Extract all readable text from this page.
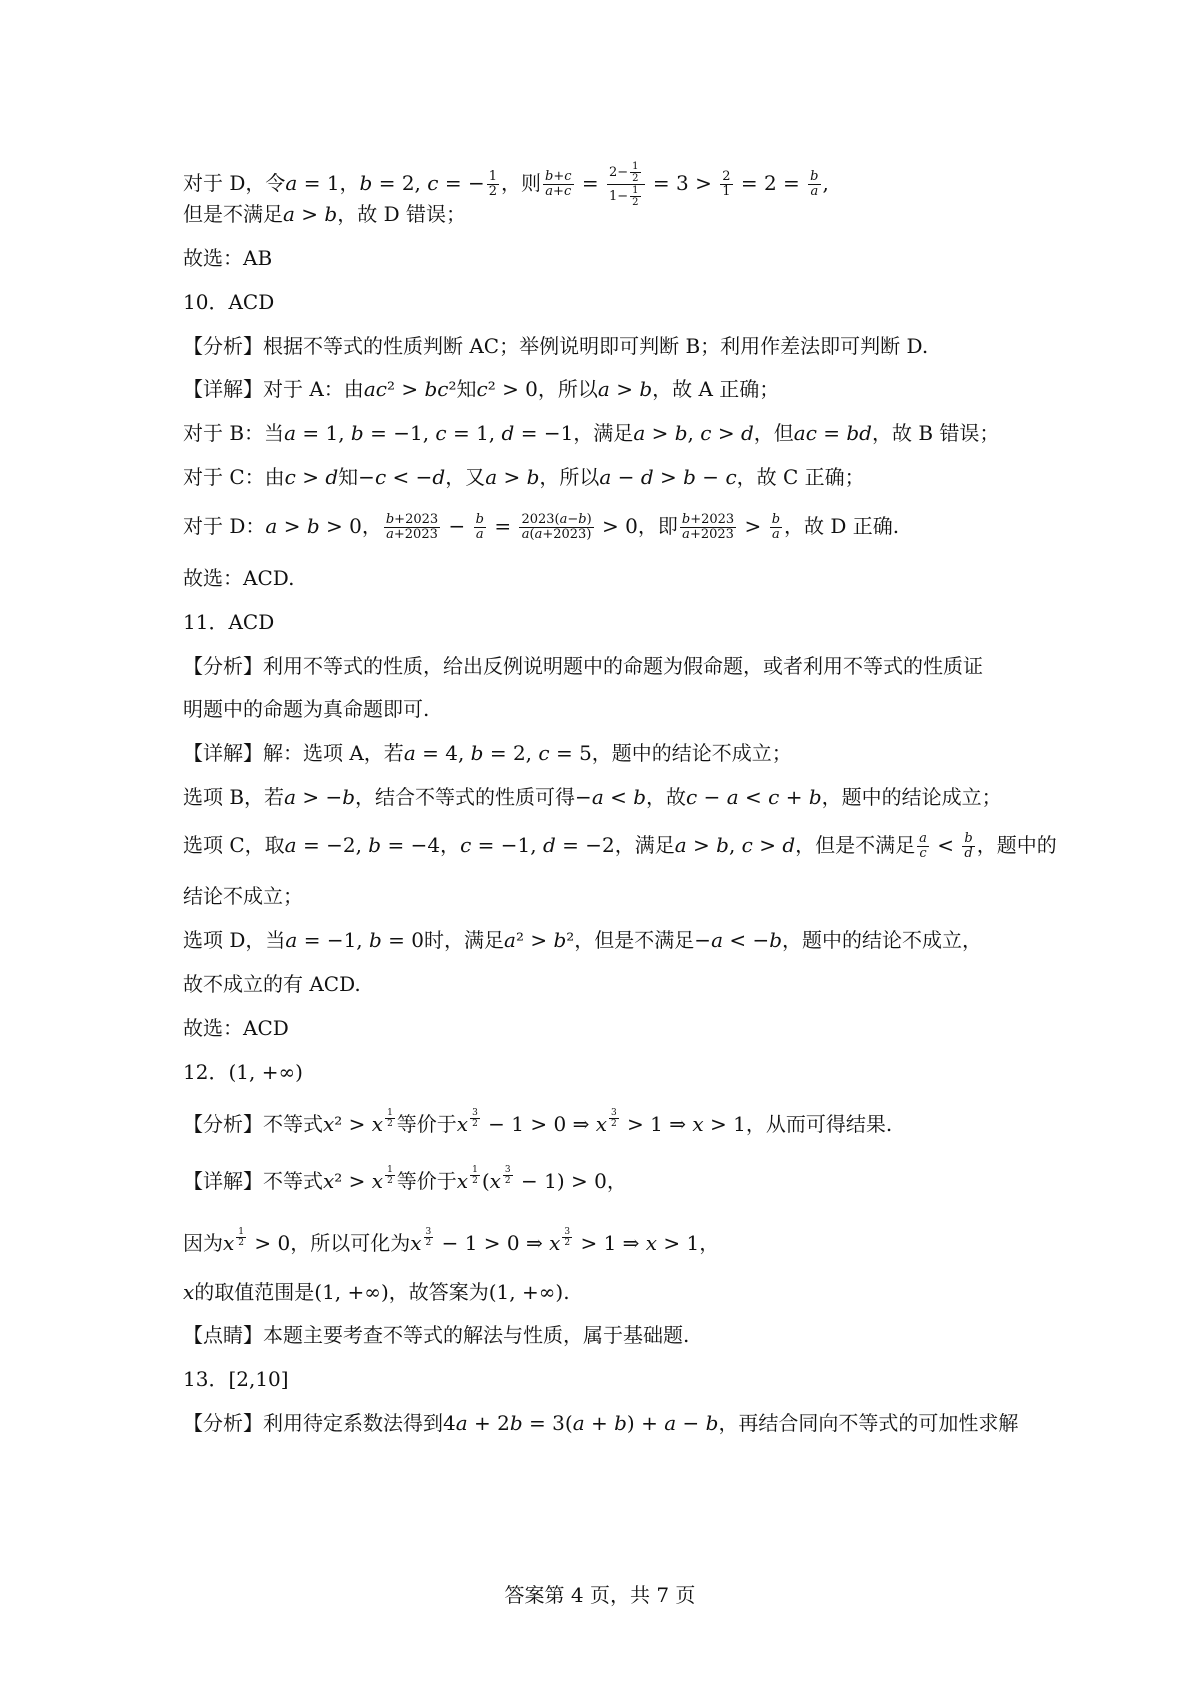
对于 D，令a = 1，b = 2, c = − $\frac{1}{2}$ ，则 $\frac{b+c}{a+c} = \frac{2- \frac{1}{2}}{1- \frac{1}{2}} = 3 > \frac{2}{1} = 2 = \frac{b}{a}$ ,
但是不满足a > b，故 D 错误；
故选：AB
10．ACD
【分析】根据不等式的性质判断 AC；举例说明即可判断 B；利用作差法即可判断 D.
【详解】对于 A：由ac² > bc²知c² > 0，所以a > b，故 A 正确；
对于 B：当a = 1, b = −1, c = 1, d = −1，满足a > b, c > d，但ac = bd，故 B 错误；
对于 C：由c > d知−c < −d，又a > b，所以a − d > b − c，故 C 正确；
对于 D：a > b > 0， $\frac{b+2023}{a+2023} - \frac{b}{a} = \frac{2023(a-b)}{a(a+2023)} > 0$，即 $\frac{b+2023}{a+2023} > \frac{b}{a}$ ，故 D 正确.
故选：ACD.
11．ACD
【分析】利用不等式的性质，给出反例说明题中的命题为假命题，或者利用不等式的性质证
明题中的命题为真命题即可.
【详解】解：选项 A，若a = 4, b = 2, c = 5，题中的结论不成立；
选项 B，若a > −b，结合不等式的性质可得−a < b，故c − a < c + b，题中的结论成立；
选项 C，取a = −2, b = −4，c = −1, d = −2，满足a > b, c > d，但是不满足 $\frac{a}{c} < \frac{b}{d}$ ，题中的
结论不成立；
选项 D，当a = −1, b = 0时，满足a² > b²，但是不满足−a < −b，题中的结论不成立，
故不成立的有 ACD.
故选：ACD
12．(1, +∞)
【分析】不等式x² > x $^{\frac{1}{2}}$ 等价于x $^{\frac{3}{2}}$ − 1 > 0 ⇒ x $^{\frac{3}{2}}$ > 1 ⇒ x > 1，从而可得结果.
【详解】不等式x² > x $^{\frac{1}{2}}$ 等价于x $^{\frac{1}{2}}$ (x $^{\frac{3}{2}}$ − 1) > 0，
因为x $^{\frac{1}{2}}$ > 0，所以可化为x $^{\frac{3}{2}}$ − 1 > 0 ⇒ x $^{\frac{3}{2}}$ > 1 ⇒ x > 1，
x的取值范围是(1, +∞)，故答案为(1, +∞).
【点睛】本题主要考查不等式的解法与性质，属于基础题.
13．[2,10]
【分析】利用待定系数法得到4a + 2b = 3(a + b) + a − b，再结合同向不等式的可加性求解
答案第 4 页，共 7 页
